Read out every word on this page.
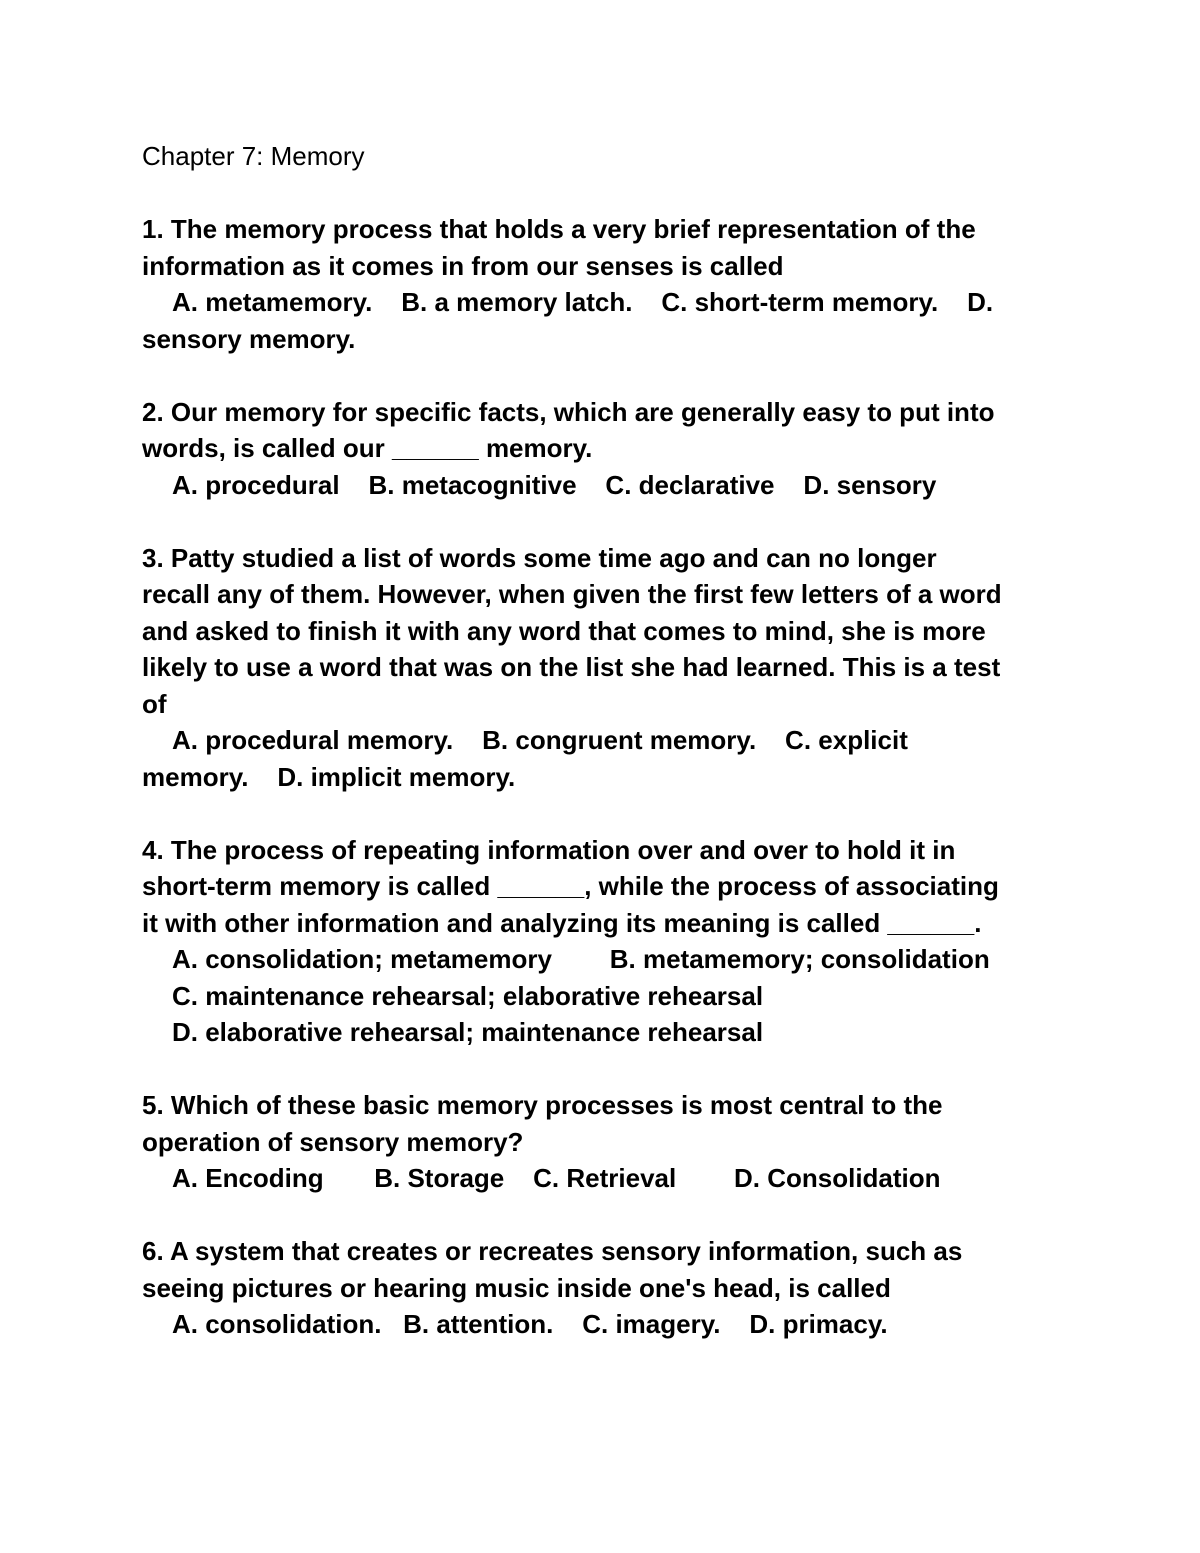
Chapter 7: Memory
1. The memory process that holds a very brief representation of the
information as it comes in from our senses is called
A. metamemory.    B. a memory latch.    C. short-term memory.    D.
sensory memory.
2. Our memory for specific facts, which are generally easy to put into
words, is called our ______ memory.
A. procedural    B. metacognitive    C. declarative    D. sensory
3. Patty studied a list of words some time ago and can no longer
recall any of them. However, when given the first few letters of a word
and asked to finish it with any word that comes to mind, she is more
likely to use a word that was on the list she had learned. This is a test
of
A. procedural memory.    B. congruent memory.    C. explicit
memory.    D. implicit memory.
4. The process of repeating information over and over to hold it in
short-term memory is called ______, while the process of associating
it with other information and analyzing its meaning is called ______.
A. consolidation; metamemory        B. metamemory; consolidation
C. maintenance rehearsal; elaborative rehearsal
D. elaborative rehearsal; maintenance rehearsal
5. Which of these basic memory processes is most central to the
operation of sensory memory?
A. Encoding       B. Storage    C. Retrieval        D. Consolidation
6. A system that creates or recreates sensory information, such as
seeing pictures or hearing music inside one's head, is called
A. consolidation.   B. attention.    C. imagery.    D. primacy.
